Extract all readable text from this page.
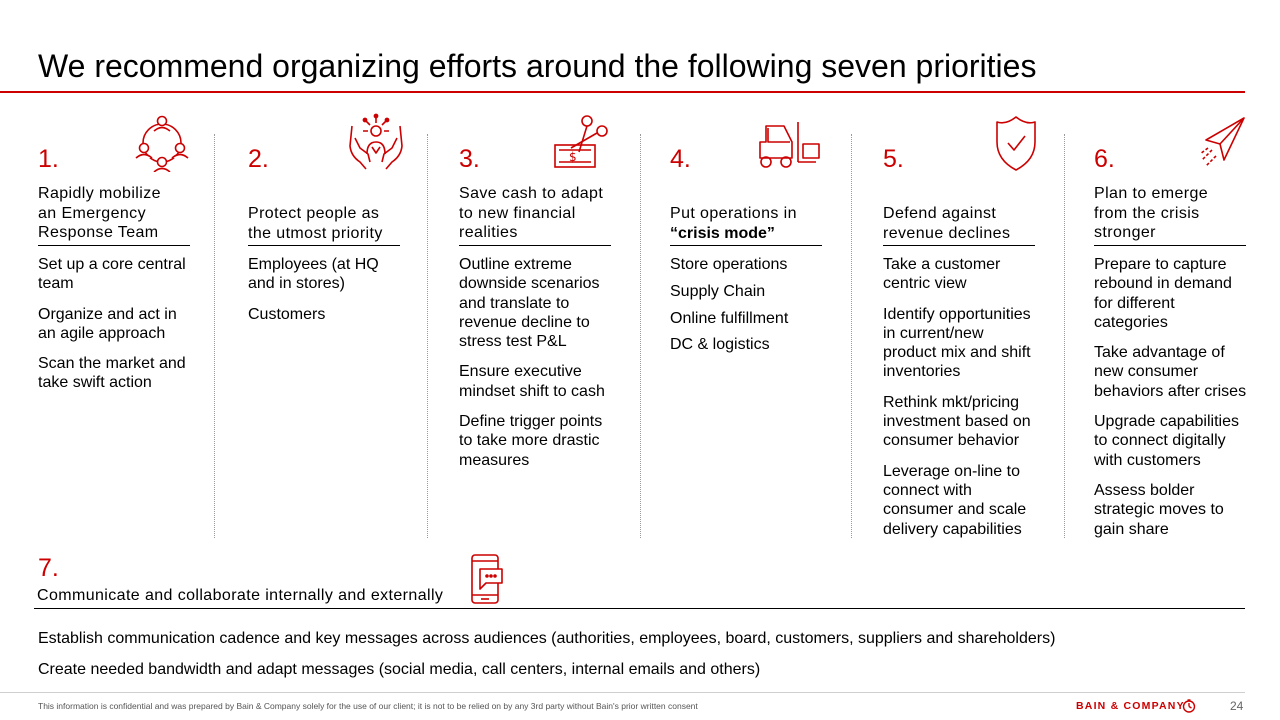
We recommend organizing efforts around the following seven priorities
1.
Rapidly mobilize
an Emergency
Response Team
Set up a core central team
Organize and act in an agile approach
Scan the market and take swift action
2.
Protect people as
the utmost priority
Employees (at HQ and in stores)
Customers
3.	$
Save cash to adapt
to new financial
realities
Outline extreme downside scenarios and translate to revenue decline to stress test P&L
Ensure executive mindset shift to cash
Define trigger points to take more drastic measures
4.
Put operations in
“crisis mode”
Store operations
Supply Chain
Online fulfillment
DC & logistics
5.
Defend against
revenue declines
Take a customer centric view
Identify opportunities in current/new product mix and shift inventories
Rethink mkt/pricing investment based on consumer behavior
Leverage on-line to connect with consumer and scale delivery capabilities
6.
Plan to emerge
from the crisis
stronger
Prepare to capture rebound in demand for different categories
Take advantage of new consumer behaviors after crises
Upgrade capabilities to connect digitally with customers
Assess bolder strategic moves to gain share
7.
Communicate and collaborate internally and externally
Establish communication cadence and key messages across audiences (authorities, employees, board, customers, suppliers and shareholders)
Create needed bandwidth and adapt messages (social media, call centers, internal emails and others)
This information is confidential and was prepared by Bain & Company solely for the use of our client; it is not to be relied on by any 3rd party without Bain's prior written consent	BAIN & COMPANY	24
